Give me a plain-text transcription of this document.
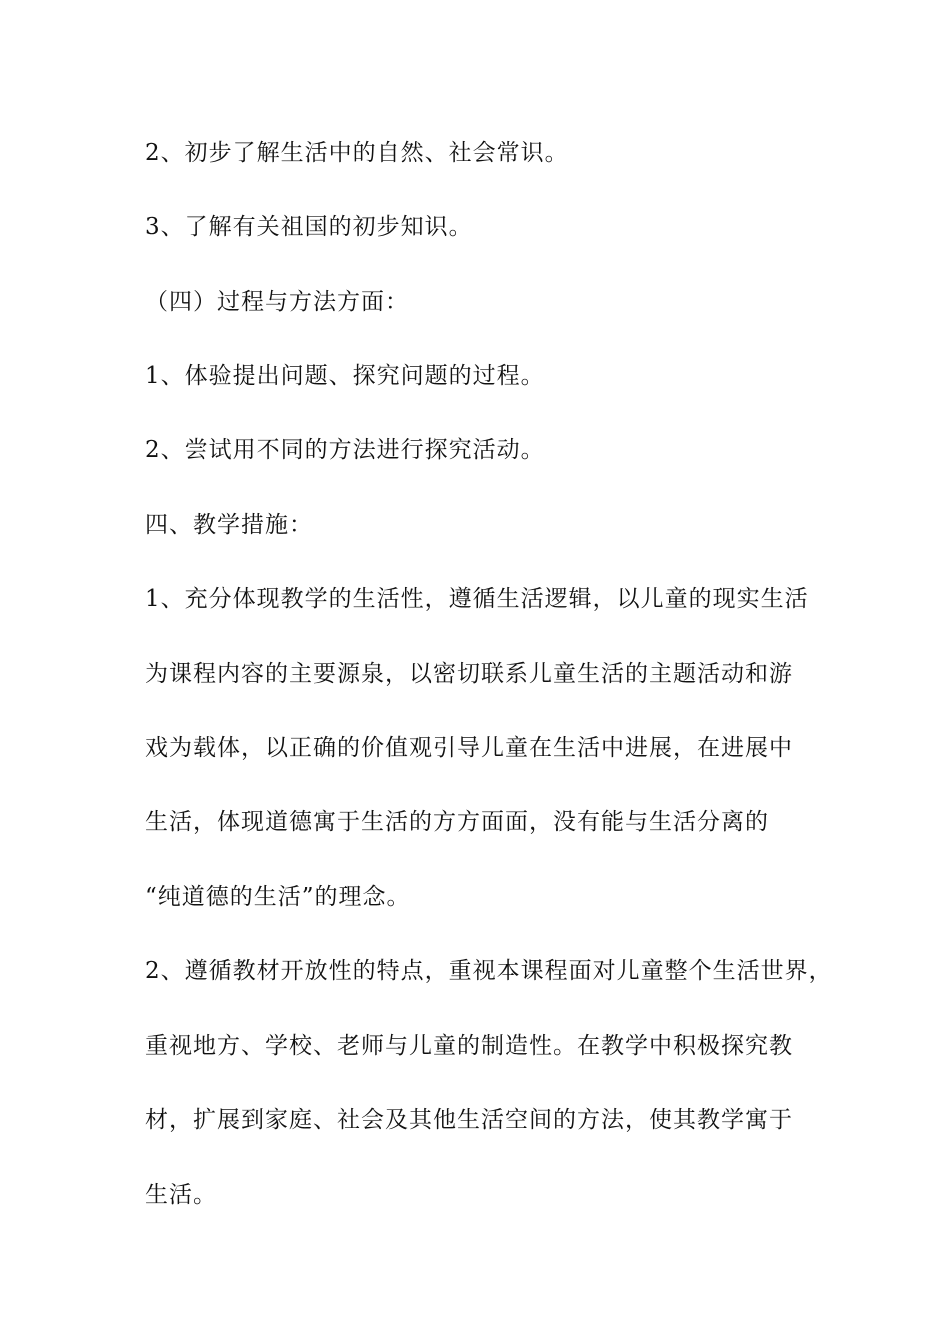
2、初步了解生活中的自然、社会常识。
3、了解有关祖国的初步知识。
（四）过程与方法方面：
1、体验提出问题、探究问题的过程。
2、尝试用不同的方法进行探究活动。
四、教学措施：
1、充分体现教学的生活性，遵循生活逻辑，以儿童的现实生活
为课程内容的主要源泉，以密切联系儿童生活的主题活动和游
戏为载体，以正确的价值观引导儿童在生活中进展，在进展中
生活，体现道德寓于生活的方方面面，没有能与生活分离的
“纯道德的生活”的理念。
2、遵循教材开放性的特点，重视本课程面对儿童整个生活世界，
重视地方、学校、老师与儿童的制造性。在教学中积极探究教
材，扩展到家庭、社会及其他生活空间的方法，使其教学寓于
生活。
